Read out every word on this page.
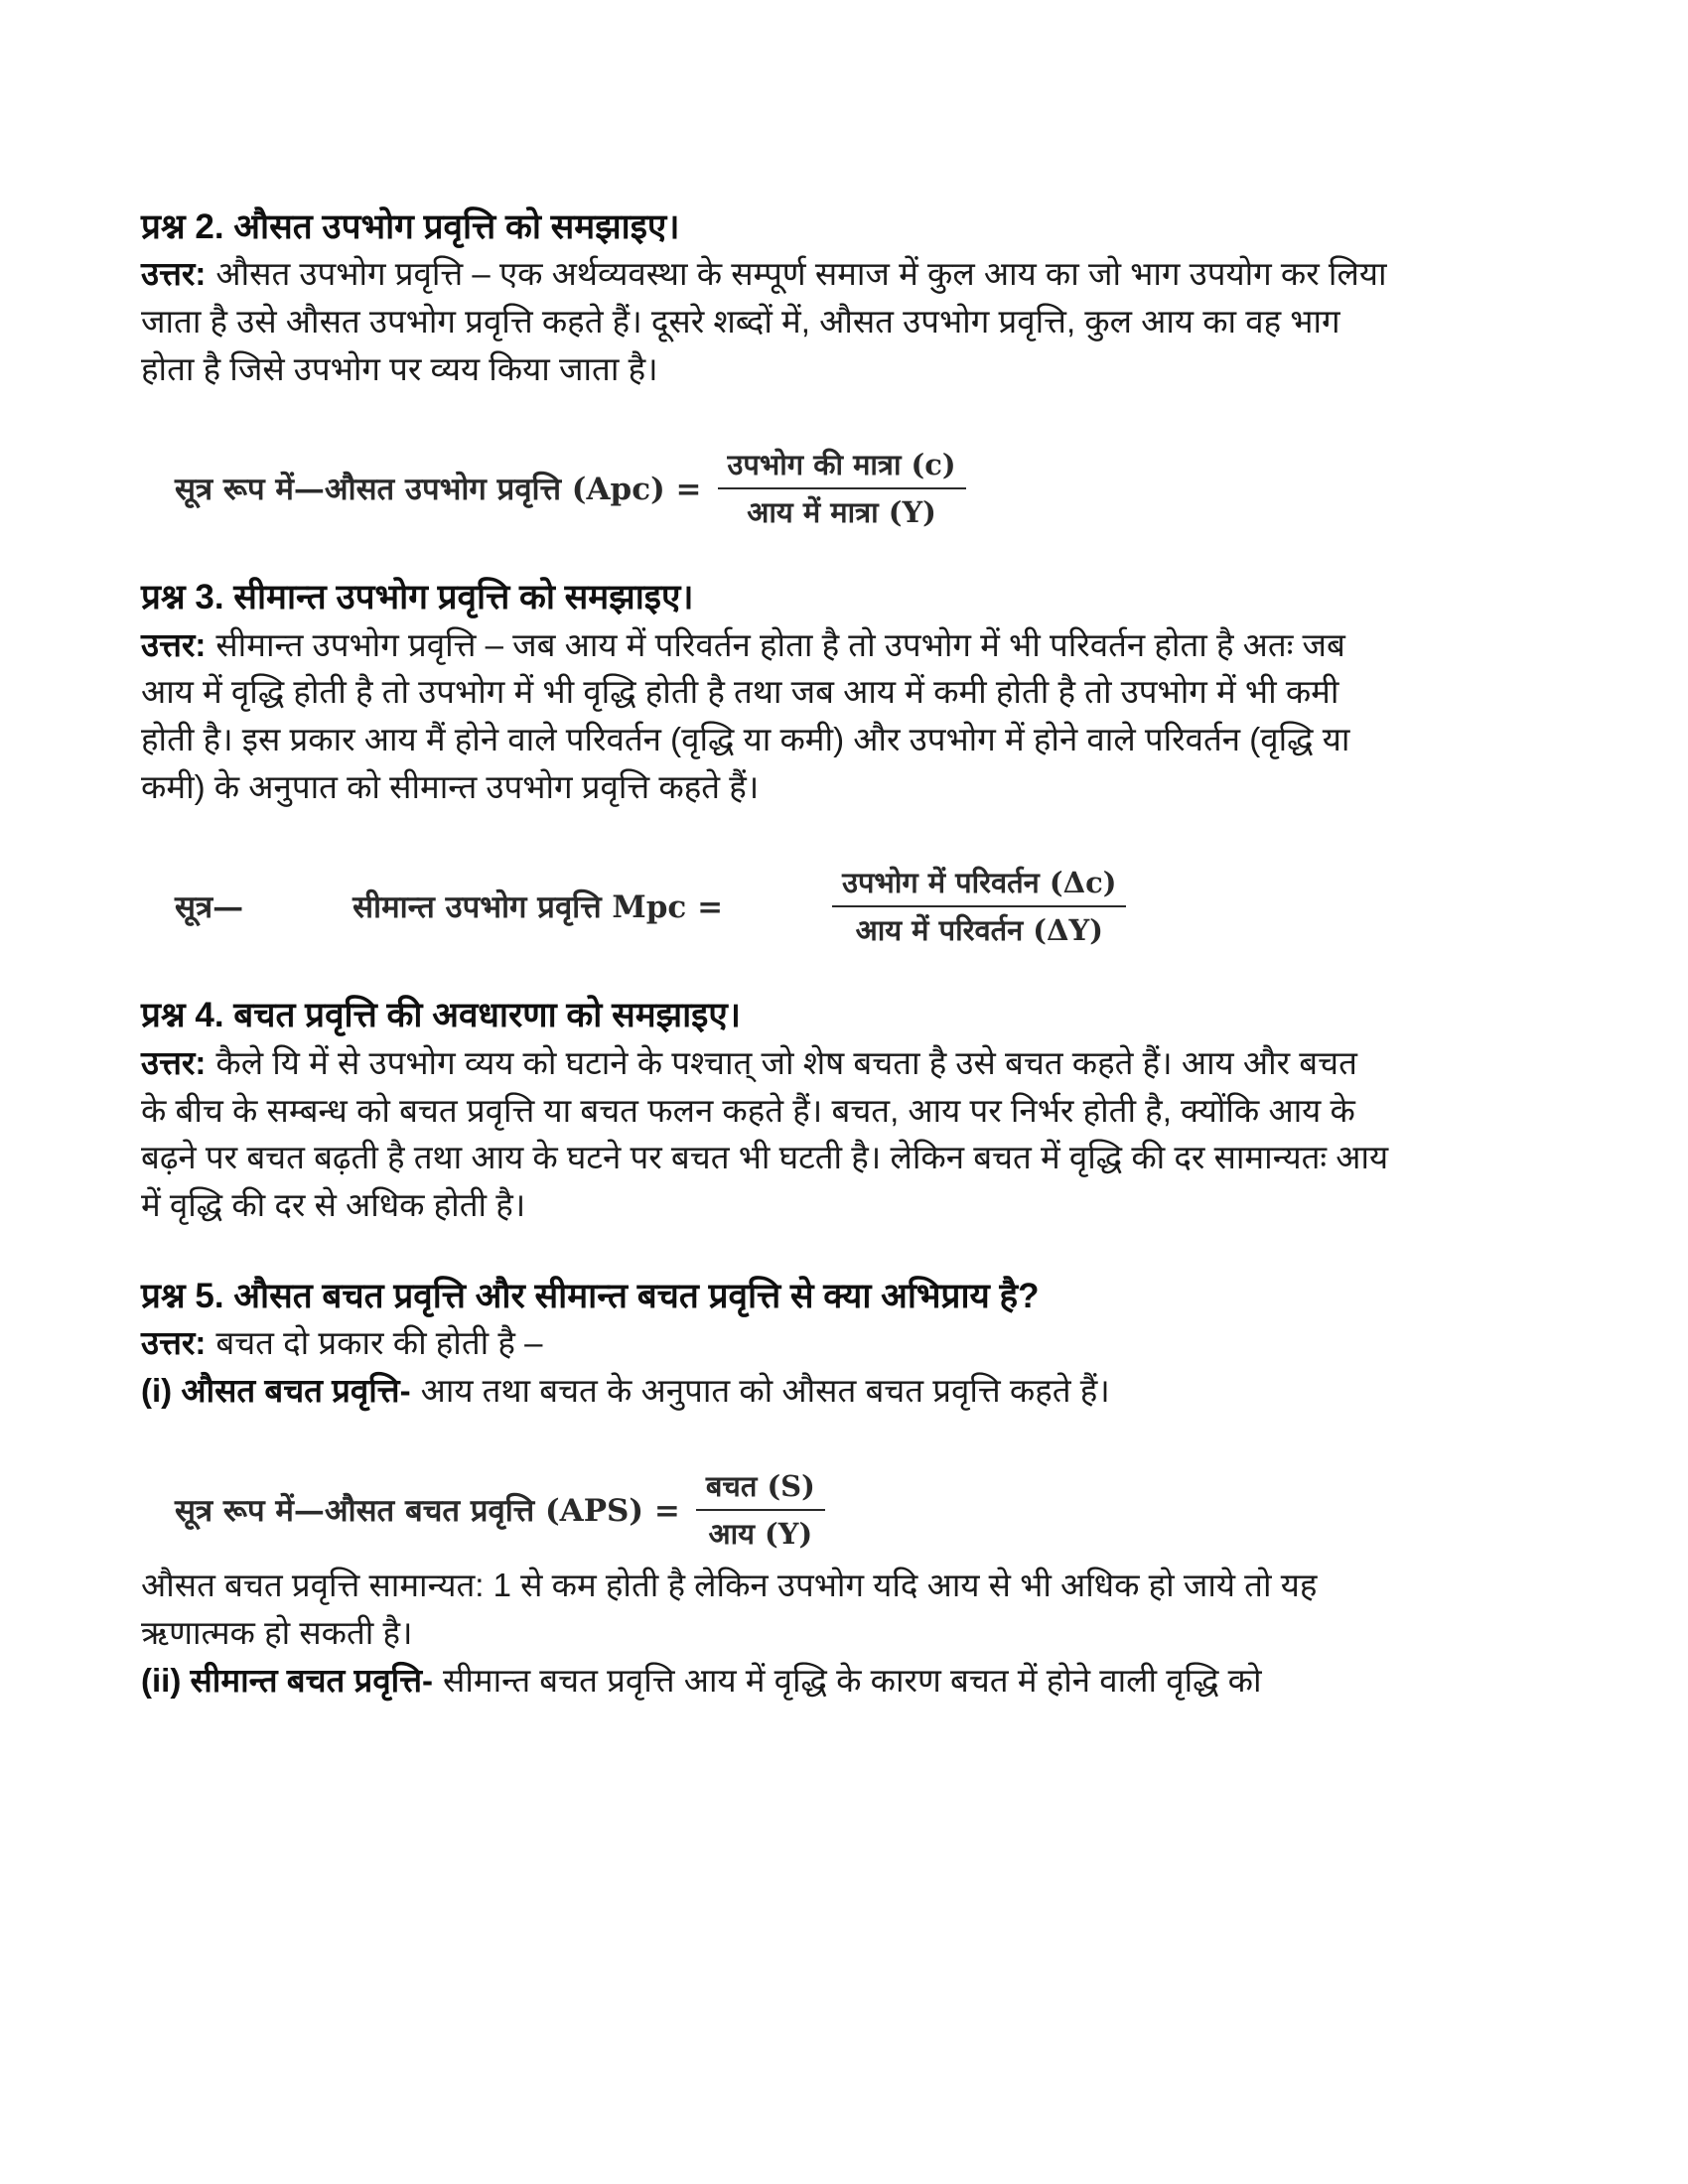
प्रश्न 2. औसत उपभोग प्रवृत्ति को समझाइए।

उत्तर: औसत उपभोग प्रवृत्ति – एक अर्थव्यवस्था के सम्पूर्ण समाज में कुल आय का जो भाग उपयोग कर लिया जाता है उसे औसत उपभोग प्रवृत्ति कहते हैं। दूसरे शब्दों में, औसत उपभोग प्रवृत्ति, कुल आय का वह भाग होता है जिसे उपभोग पर व्यय किया जाता है।

सूत्र रूप में—औसत उपभोग प्रवृत्ति $(Apc) = \frac{\text{उपभोग की मात्रा (c)}}{\text{आय में मात्रा (Y)}}$
प्रश्न 3. सीमान्त उपभोग प्रवृत्ति को समझाइए।

उत्तर: सीमान्त उपभोग प्रवृत्ति – जब आय में परिवर्तन होता है तो उपभोग में भी परिवर्तन होता है अतः जब आय में वृद्धि होती है तो उपभोग में भी वृद्धि होती है तथा जब आय में कमी होती है तो उपभोग में भी कमी होती है। इस प्रकार आय मैं होने वाले परिवर्तन (वृद्धि या कमी) और उपभोग में होने वाले परिवर्तन (वृद्धि या कमी) के अनुपात को सीमान्त उपभोग प्रवृत्ति कहते हैं।

सूत्र—	सीमान्त उपभोग प्रवृत्ति Mpc =	$\frac{\text{उपभोग में परिवर्तन (Δc)}}{\text{आय में परिवर्तन (ΔY)}}$
प्रश्न 4. बचत प्रवृत्ति की अवधारणा को समझाइए।

उत्तर: कैले यि में से उपभोग व्यय को घटाने के पश्चात् जो शेष बचता है उसे बचत कहते हैं। आय और बचत के बीच के सम्बन्ध को बचत प्रवृत्ति या बचत फलन कहते हैं। बचत, आय पर निर्भर होती है, क्योंकि आय के बढ़ने पर बचत बढ़ती है तथा आय के घटने पर बचत भी घटती है। लेकिन बचत में वृद्धि की दर सामान्यतः आय में वृद्धि की दर से अधिक होती है।

प्रश्न 5. औसत बचत प्रवृत्ति और सीमान्त बचत प्रवृत्ति से क्या अभिप्राय है?

उत्तर: बचत दो प्रकार की होती है –

(i) औसत बचत प्रवृत्ति- आय तथा बचत के अनुपात को औसत बचत प्रवृत्ति कहते हैं।

सूत्र रूप में—औसत बचत प्रवृत्ति $(APS) = \frac{\text{बचत (S)}}{\text{आय (Y)}}$

औसत बचत प्रवृत्ति सामान्यत: 1 से कम होती है लेकिन उपभोग यदि आय से भी अधिक हो जाये तो यह ऋणात्मक हो सकती है।

(ii) सीमान्त बचत प्रवृत्ति- सीमान्त बचत प्रवृत्ति आय में वृद्धि के कारण बचत में होने वाली वृद्धि को
